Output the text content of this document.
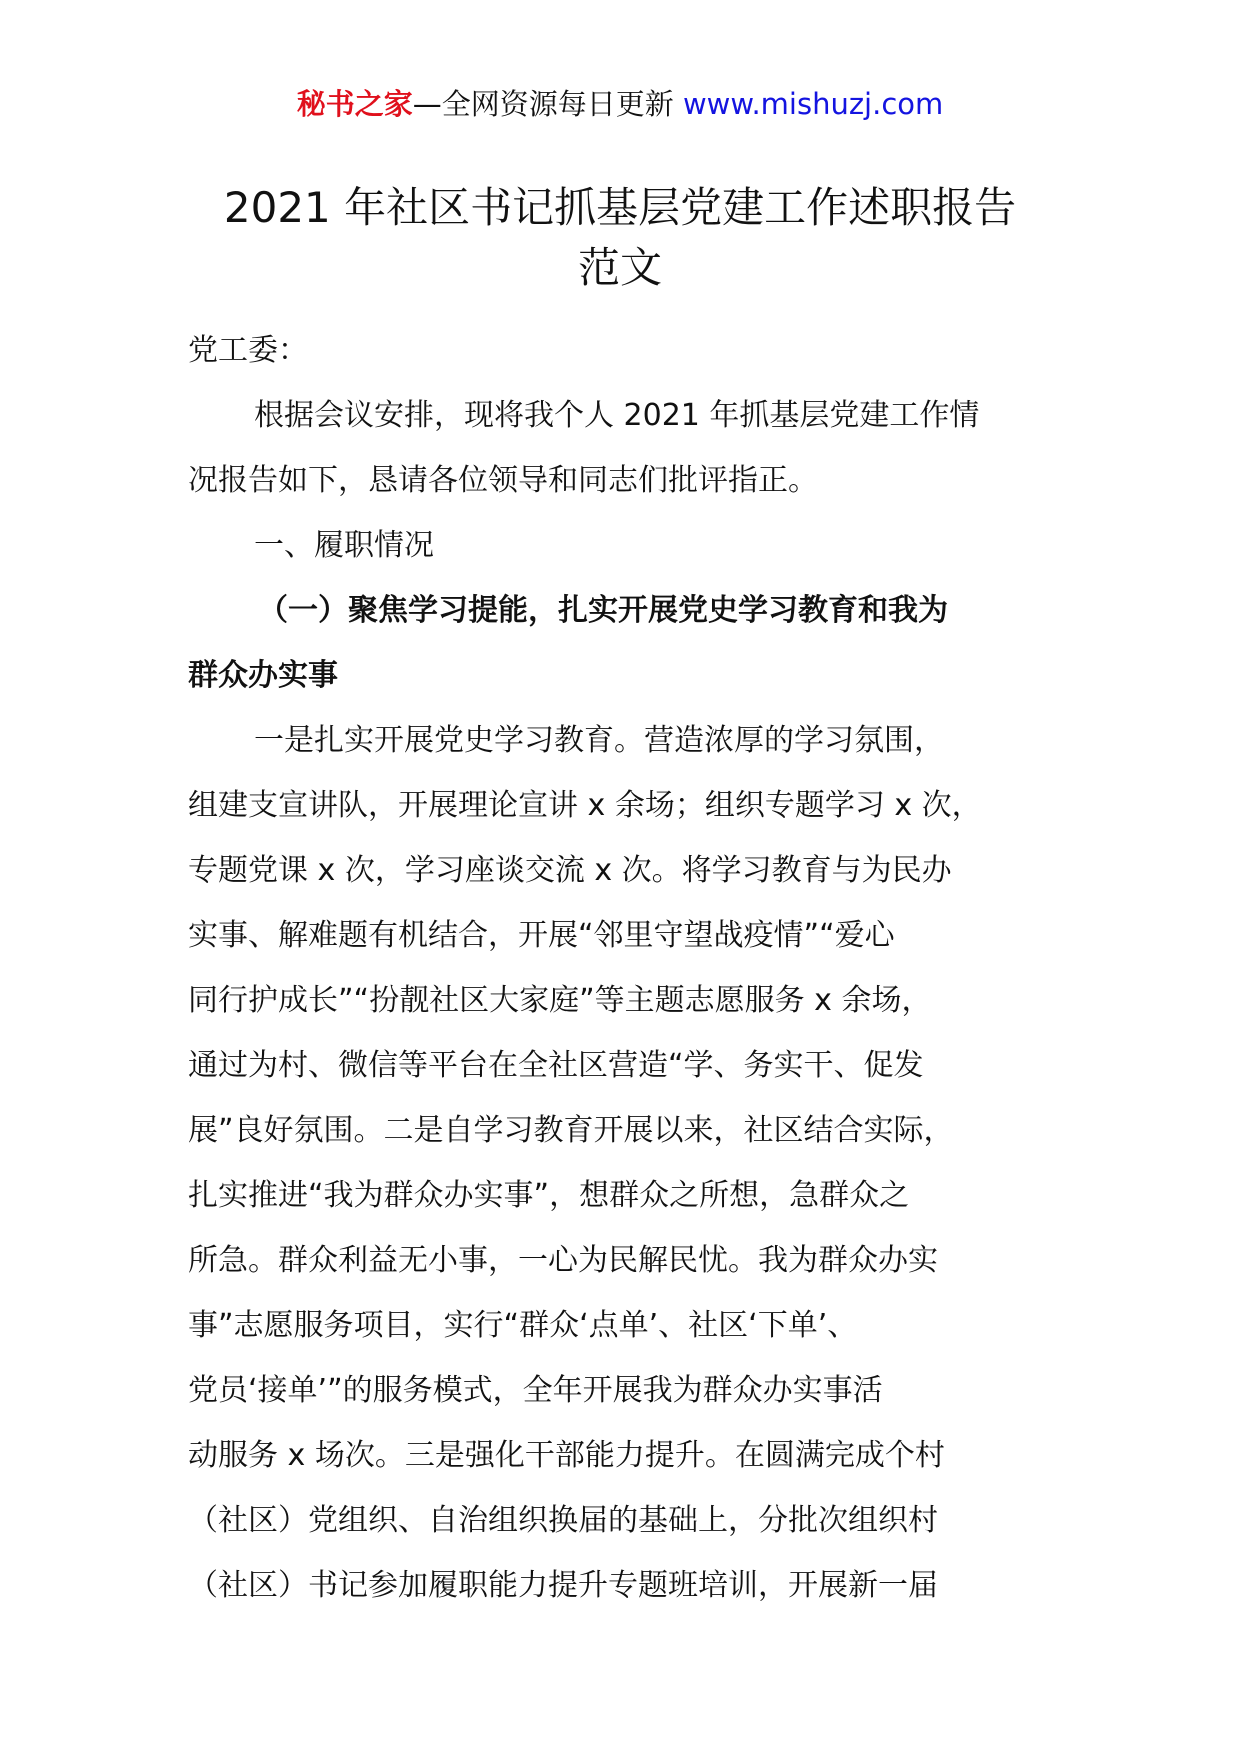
秘书之家—全网资源每日更新 www.mishuzj.com
2021 年社区书记抓基层党建工作述职报告
范文
党工委：
根据会议安排，现将我个人 2021 年抓基层党建工作情
况报告如下，恳请各位领导和同志们批评指正。
一、履职情况
（一）聚焦学习提能，扎实开展党史学习教育和我为
群众办实事
一是扎实开展党史学习教育。营造浓厚的学习氛围，
组建支宣讲队，开展理论宣讲 x 余场；组织专题学习 x 次，
专题党课 x 次，学习座谈交流 x 次。将学习教育与为民办
实事、解难题有机结合，开展“邻里守望战疫情”“爱心
同行护成长”“扮靓社区大家庭”等主题志愿服务 x 余场，
通过为村、微信等平台在全社区营造“学、务实干、促发
展”良好氛围。二是自学习教育开展以来，社区结合实际，
扎实推进“我为群众办实事”，想群众之所想，急群众之
所急。群众利益无小事，一心为民解民忧。我为群众办实
事”志愿服务项目，实行“群众‘点单’、社区‘下单’、
党员‘接单’”的服务模式，全年开展我为群众办实事活
动服务 x 场次。三是强化干部能力提升。在圆满完成个村
（社区）党组织、自治组织换届的基础上，分批次组织村
（社区）书记参加履职能力提升专题班培训，开展新一届
